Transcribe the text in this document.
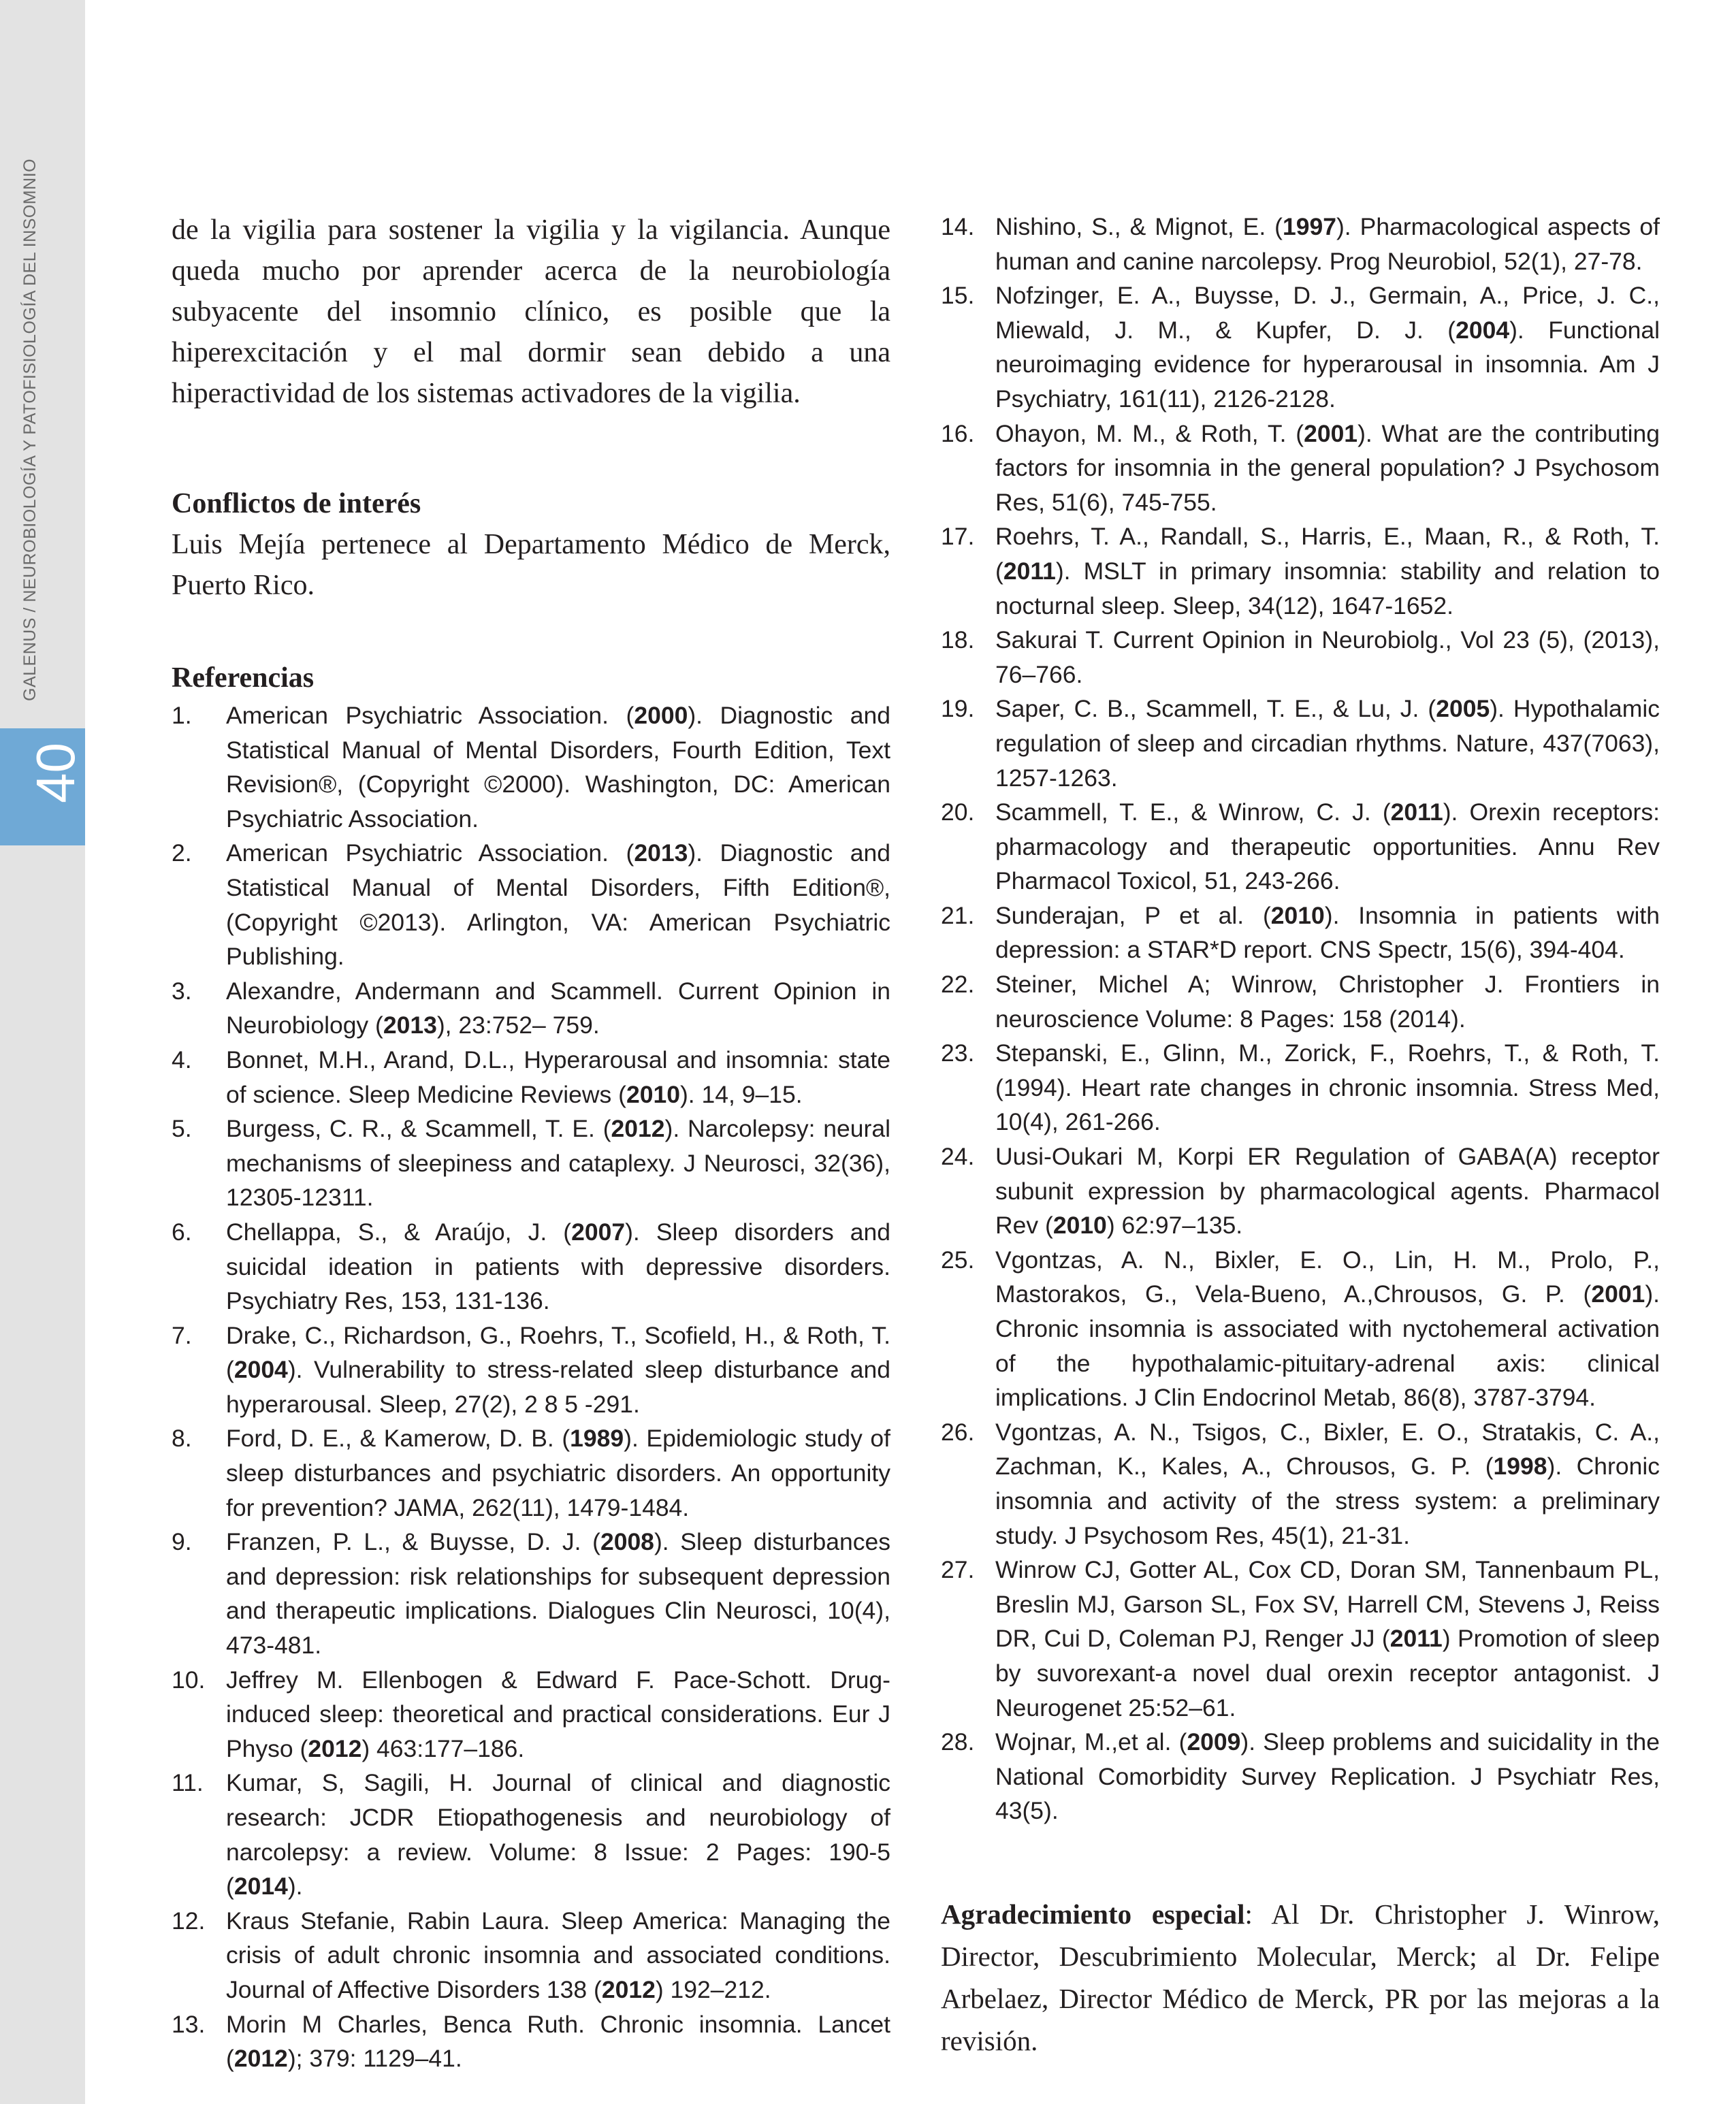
GALENUS / NEUROBIOLOGÍA Y PATOFISIOLOGÍA DEL INSOMNIO
40

de la vigilia para sostener la vigilia y la vigilancia. Aunque queda mucho por aprender acerca de la neurobiología subyacente del insomnio clínico, es posible que la hiperexcitación y el mal dormir sean debido a una hiperactividad de los sistemas activadores de la vigilia.

Conflictos de interés

Luis Mejía pertenece al Departamento Médico de Merck, Puerto Rico.

Referencias
1. American Psychiatric Association. (2000). Diagnostic and Statistical Manual of Mental Disorders, Fourth Edition, Text Revision®, (Copyright ©2000). Washington, DC: American Psychiatric Association.
2. American Psychiatric Association. (2013). Diagnostic and Statistical Manual of Mental Disorders, Fifth Edition®, (Copyright ©2013). Arlington, VA: American Psychiatric Publishing.
3. Alexandre, Andermann and Scammell. Current Opinion in Neurobiology (2013), 23:752– 759.
4. Bonnet, M.H., Arand, D.L., Hyperarousal and insomnia: state of science. Sleep Medicine Reviews (2010). 14, 9–15.
5. Burgess, C. R., & Scammell, T. E. (2012). Narcolepsy: neural mechanisms of sleepiness and cataplexy. J Neurosci, 32(36), 12305-12311.
6. Chellappa, S., & Araújo, J. (2007). Sleep disorders and suicidal ideation in patients with depressive disorders. Psychiatry Res, 153, 131-136.
7. Drake, C., Richardson, G., Roehrs, T., Scofield, H., & Roth, T. (2004). Vulnerability to stress-related sleep disturbance and hyperarousal. Sleep, 27(2), 2 8 5 -291.
8. Ford, D. E., & Kamerow, D. B. (1989). Epidemiologic study of sleep disturbances and psychiatric disorders. An opportunity for prevention? JAMA, 262(11), 1479-1484.
9. Franzen, P. L., & Buysse, D. J. (2008). Sleep disturbances and depression: risk relationships for subsequent depression and therapeutic implications. Dialogues Clin Neurosci, 10(4), 473-481.
10. Jeffrey M. Ellenbogen & Edward F. Pace-Schott. Drug-induced sleep: theoretical and practical considerations. Eur J Physo (2012) 463:177–186.
11. Kumar, S, Sagili, H. Journal of clinical and diagnostic research: JCDR Etiopathogenesis and neurobiology of narcolepsy: a review. Volume: 8 Issue: 2 Pages: 190-5 (2014).
12. Kraus Stefanie, Rabin Laura. Sleep America: Managing the crisis of adult chronic insomnia and associated conditions. Journal of Affective Disorders 138 (2012) 192–212.
13. Morin M Charles, Benca Ruth. Chronic insomnia. Lancet (2012); 379: 1129–41.
14. Nishino, S., & Mignot, E. (1997). Pharmacological aspects of human and canine narcolepsy. Prog Neurobiol, 52(1), 27-78.
15. Nofzinger, E. A., Buysse, D. J., Germain, A., Price, J. C., Miewald, J. M., & Kupfer, D. J. (2004). Functional neuroimaging evidence for hyperarousal in insomnia. Am J Psychiatry, 161(11), 2126-2128.
16. Ohayon, M. M., & Roth, T. (2001). What are the contributing factors for insomnia in the general population? J Psychosom Res, 51(6), 745-755.
17. Roehrs, T. A., Randall, S., Harris, E., Maan, R., & Roth, T. (2011). MSLT in primary insomnia: stability and relation to nocturnal sleep. Sleep, 34(12), 1647-1652.
18. Sakurai T. Current Opinion in Neurobiolg., Vol 23 (5), (2013), 76–766.
19. Saper, C. B., Scammell, T. E., & Lu, J. (2005). Hypothalamic regulation of sleep and circadian rhythms. Nature, 437(7063), 1257-1263.
20. Scammell, T. E., & Winrow, C. J. (2011). Orexin receptors: pharmacology and therapeutic opportunities. Annu Rev Pharmacol Toxicol, 51, 243-266.
21. Sunderajan, P et al. (2010). Insomnia in patients with depression: a STAR*D report. CNS Spectr, 15(6), 394-404.
22. Steiner, Michel A; Winrow, Christopher J. Frontiers in neuroscience Volume: 8 Pages: 158 (2014).
23. Stepanski, E., Glinn, M., Zorick, F., Roehrs, T., & Roth, T. (1994). Heart rate changes in chronic insomnia. Stress Med, 10(4), 261-266.
24. Uusi-Oukari M, Korpi ER Regulation of GABA(A) receptor subunit expression by pharmacological agents. Pharmacol Rev (2010) 62:97–135.
25. Vgontzas, A. N., Bixler, E. O., Lin, H. M., Prolo, P., Mastorakos, G., Vela-Bueno, A.,Chrousos, G. P. (2001). Chronic insomnia is associated with nyctohemeral activation of the hypothalamic-pituitary-adrenal axis: clinical implications. J Clin Endocrinol Metab, 86(8), 3787-3794.
26. Vgontzas, A. N., Tsigos, C., Bixler, E. O., Stratakis, C. A., Zachman, K., Kales, A., Chrousos, G. P. (1998). Chronic insomnia and activity of the stress system: a preliminary study. J Psychosom Res, 45(1), 21-31.
27. Winrow CJ, Gotter AL, Cox CD, Doran SM, Tannenbaum PL, Breslin MJ, Garson SL, Fox SV, Harrell CM, Stevens J, Reiss DR, Cui D, Coleman PJ, Renger JJ (2011) Promotion of sleep by suvorexant-a novel dual orexin receptor antagonist. J Neurogenet 25:52–61.
28. Wojnar, M.,et al. (2009). Sleep problems and suicidality in the National Comorbidity Survey Replication. J Psychiatr Res, 43(5).

Agradecimiento especial: Al Dr. Christopher J. Winrow, Director, Descubrimiento Molecular, Merck; al Dr. Felipe Arbelaez, Director Médico de Merck, PR por las mejoras a la revisión.
